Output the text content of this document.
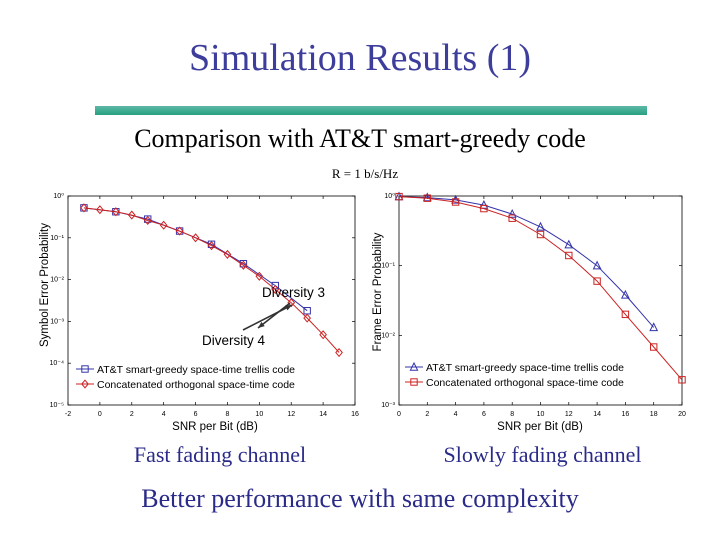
Simulation Results (1)
Comparison with AT&T smart-greedy code
R = 1 b/s/Hz
-2	0	2	4	6	8	10	12	14	16
10⁰
10⁻¹
10⁻²
10⁻³
10⁻⁴
10⁻⁵
SNR per Bit (dB)
Symbol Error Probability
AT&T smart-greedy space-time trellis code
Concatenated orthogonal space-time code
Diversity 3
Diversity 4
0	2	4	6	8	10	12	14	16	18	20
10⁰
10⁻¹
10⁻²
10⁻³
SNR per Bit (dB)
Frame Error Probability
AT&T smart-greedy space-time trellis code
Concatenated orthogonal space-time code
Fast fading channel	Slowly fading channel
Better performance with same complexity
